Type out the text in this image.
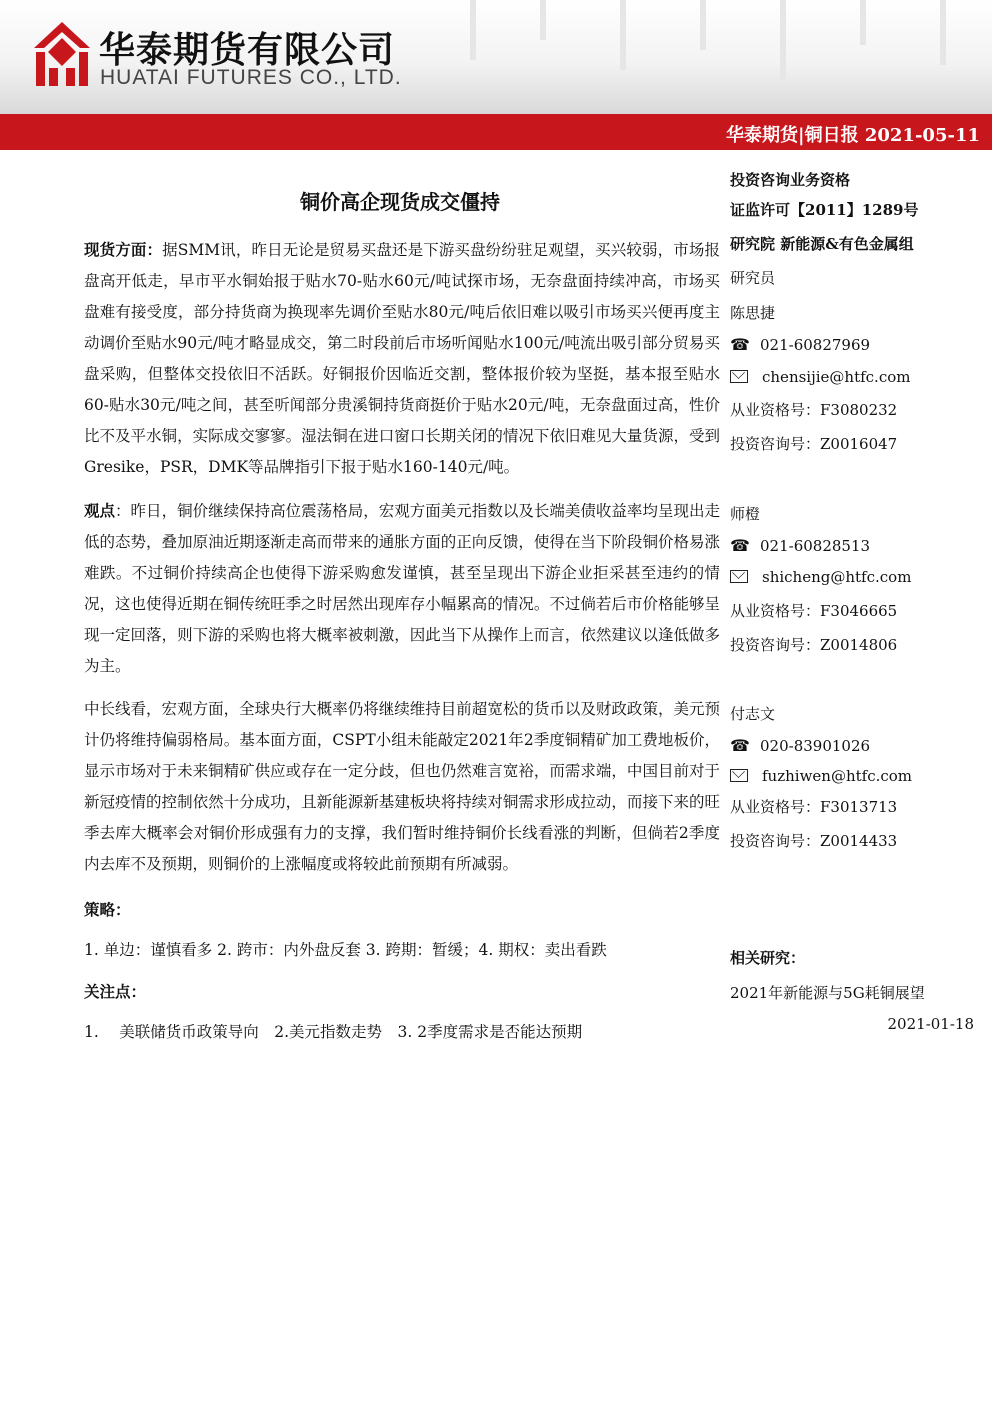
华泰期货有限公司
HUATAI FUTURES CO., LTD.
华泰期货|铜日报 2021-05-11
铜价高企现货成交僵持

现货方面：据SMM讯，昨日无论是贸易买盘还是下游买盘纷纷驻足观望，买兴较弱，市场报盘高开低走，早市平水铜始报于贴水70-贴水60元/吨试探市场，无奈盘面持续冲高，市场买盘难有接受度，部分持货商为换现率先调价至贴水80元/吨后依旧难以吸引市场买兴便再度主动调价至贴水90元/吨才略显成交，第二时段前后市场听闻贴水100元/吨流出吸引部分贸易买盘采购，但整体交投依旧不活跃。好铜报价因临近交割，整体报价较为坚挺，基本报至贴水60-贴水30元/吨之间，甚至听闻部分贵溪铜持货商挺价于贴水20元/吨，无奈盘面过高，性价比不及平水铜，实际成交寥寥。湿法铜在进口窗口长期关闭的情况下依旧难见大量货源，受到Gresike，PSR，DMK等品牌指引下报于贴水160-140元/吨。

观点：昨日，铜价继续保持高位震荡格局，宏观方面美元指数以及长端美债收益率均呈现出走低的态势，叠加原油近期逐渐走高而带来的通胀方面的正向反馈，使得在当下阶段铜价格易涨难跌。不过铜价持续高企也使得下游采购愈发谨慎，甚至呈现出下游企业拒采甚至违约的情况，这也使得近期在铜传统旺季之时居然出现库存小幅累高的情况。不过倘若后市价格能够呈现一定回落，则下游的采购也将大概率被刺激，因此当下从操作上而言，依然建议以逢低做多为主。

中长线看，宏观方面，全球央行大概率仍将继续维持目前超宽松的货币以及财政政策，美元预计仍将维持偏弱格局。基本面方面，CSPT小组未能敲定2021年2季度铜精矿加工费地板价，显示市场对于未来铜精矿供应或存在一定分歧，但也仍然难言宽裕，而需求端，中国目前对于新冠疫情的控制依然十分成功，且新能源新基建板块将持续对铜需求形成拉动，而接下来的旺季去库大概率会对铜价形成强有力的支撑，我们暂时维持铜价长线看涨的判断，但倘若2季度内去库不及预期，则铜价的上涨幅度或将较此前预期有所减弱。

策略：

1. 单边：谨慎看多 2. 跨市：内外盘反套 3. 跨期：暂缓；4. 期权：卖出看跌

关注点：

1.　 美联储货币政策导向　2.美元指数走势　3. 2季度需求是否能达预期

投资咨询业务资格
证监许可【2011】1289号
研究院 新能源&有色金属组
研究员
陈思捷
☎ 021-60827969
chensijie@htfc.com
从业资格号：F3080232
投资咨询号：Z0016047
师橙
☎ 021-60828513
shicheng@htfc.com
从业资格号：F3046665
投资咨询号：Z0014806
付志文
☎ 020-83901026
fuzhiwen@htfc.com
从业资格号：F3013713
投资咨询号：Z0014433
相关研究：
2021年新能源与5G耗铜展望
2021-01-18
